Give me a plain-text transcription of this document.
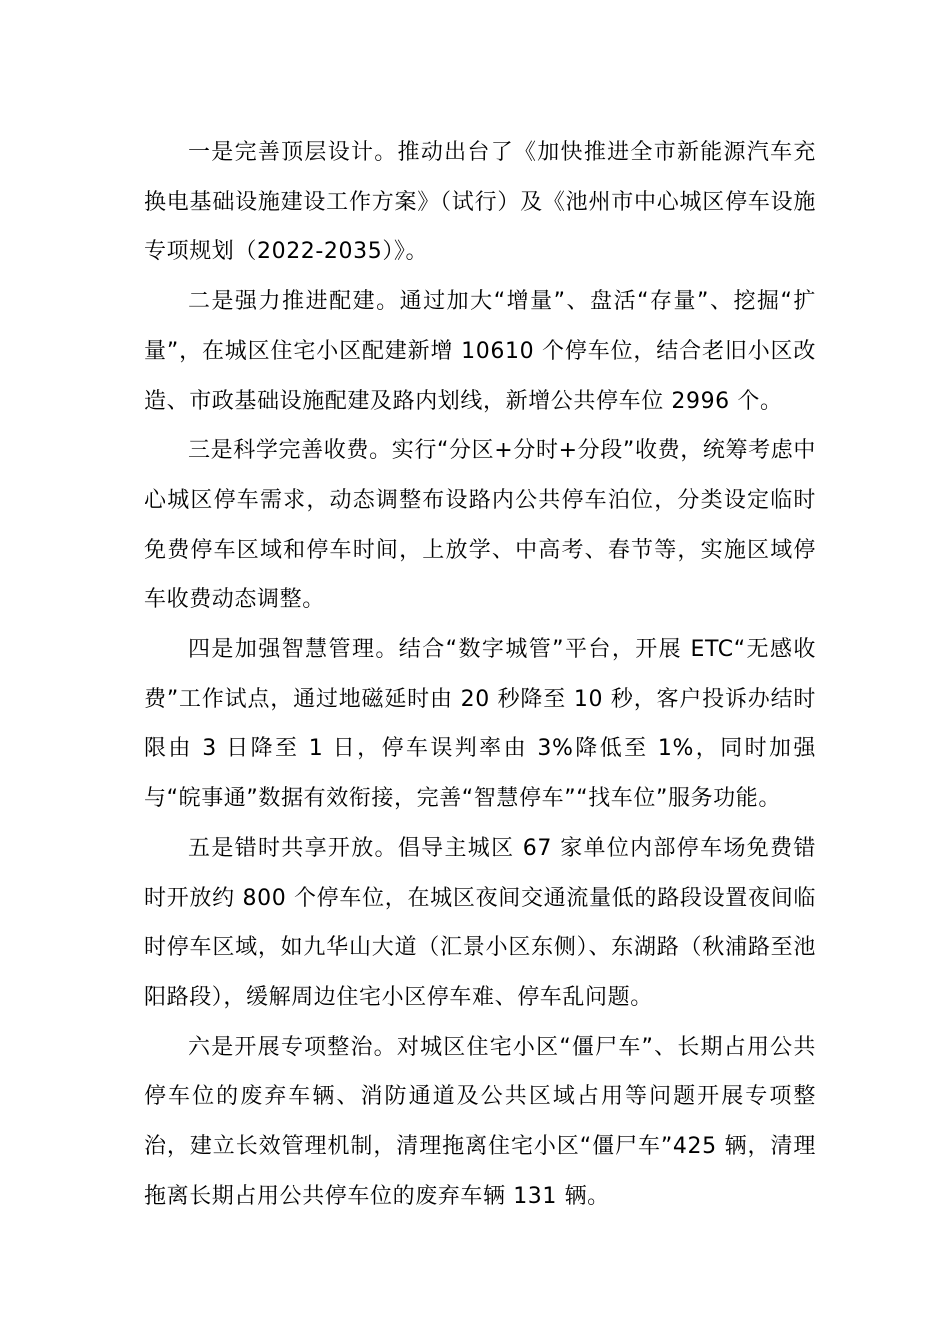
一是完善顶层设计。推动出台了《加快推进全市新能源汽车充换电基础设施建设工作方案》（试行）及《池州市中心城区停车设施专项规划（2022-2035）》。

二是强力推进配建。通过加大“增量”、盘活“存量”、挖掘“扩量”，在城区住宅小区配建新增 10610 个停车位，结合老旧小区改造、市政基础设施配建及路内划线，新增公共停车位 2996 个。

三是科学完善收费。实行“分区+分时+分段”收费，统筹考虑中心城区停车需求，动态调整布设路内公共停车泊位，分类设定临时免费停车区域和停车时间，上放学、中高考、春节等，实施区域停车收费动态调整。

四是加强智慧管理。结合“数字城管”平台，开展 ETC“无感收费”工作试点，通过地磁延时由 20 秒降至 10 秒，客户投诉办结时限由 3 日降至 1 日，停车误判率由 3%降低至 1%，同时加强与“皖事通”数据有效衔接，完善“智慧停车”“找车位”服务功能。

五是错时共享开放。倡导主城区 67 家单位内部停车场免费错时开放约 800 个停车位，在城区夜间交通流量低的路段设置夜间临时停车区域，如九华山大道（汇景小区东侧）、东湖路（秋浦路至池阳路段），缓解周边住宅小区停车难、停车乱问题。

六是开展专项整治。对城区住宅小区“僵尸车”、长期占用公共停车位的废弃车辆、消防通道及公共区域占用等问题开展专项整治，建立长效管理机制，清理拖离住宅小区“僵尸车”425 辆，清理拖离长期占用公共停车位的废弃车辆 131 辆。
